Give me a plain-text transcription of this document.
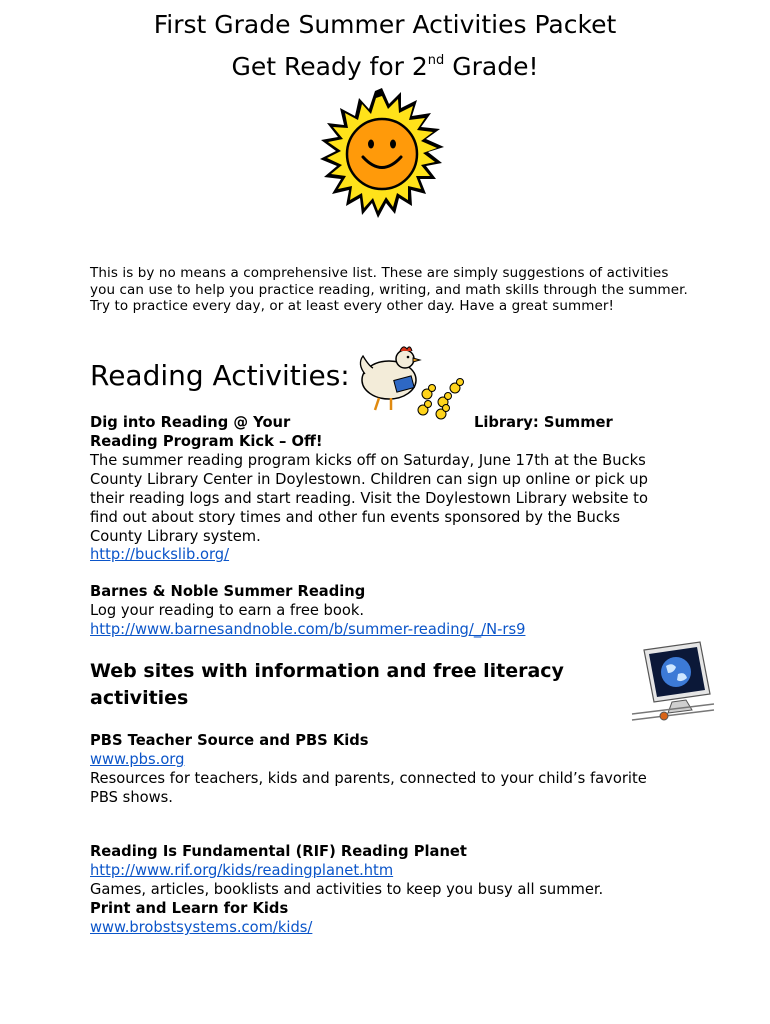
First Grade Summer Activities Packet
Get Ready for 2nd Grade!
This is by no means a comprehensive list. These are simply suggestions of activities you can use to help you practice reading, writing, and math skills through the summer. Try to practice every day, or at least every other day. Have a great summer!
Reading Activities:
Dig into Reading @ Your	Library: Summer
Reading Program Kick – Off!
The summer reading program kicks off on Saturday, June 17th at the Bucks
County Library Center in Doylestown. Children can sign up online or pick up
their reading logs and start reading. Visit the Doylestown Library website to
find out about story times and other fun events sponsored by the Bucks
County Library system.
http://buckslib.org/
Barnes & Noble Summer Reading
Log your reading to earn a free book.
http://www.barnesandnoble.com/b/summer-reading/_/N-rs9
Web sites with information and free literacy activities
PBS Teacher Source and PBS Kids
www.pbs.org
Resources for teachers, kids and parents, connected to your child’s favorite
PBS shows.
Reading Is Fundamental (RIF) Reading Planet
http://www.rif.org/kids/readingplanet.htm
Games, articles, booklists and activities to keep you busy all summer.
Print and Learn for Kids
www.brobstsystems.com/kids/
